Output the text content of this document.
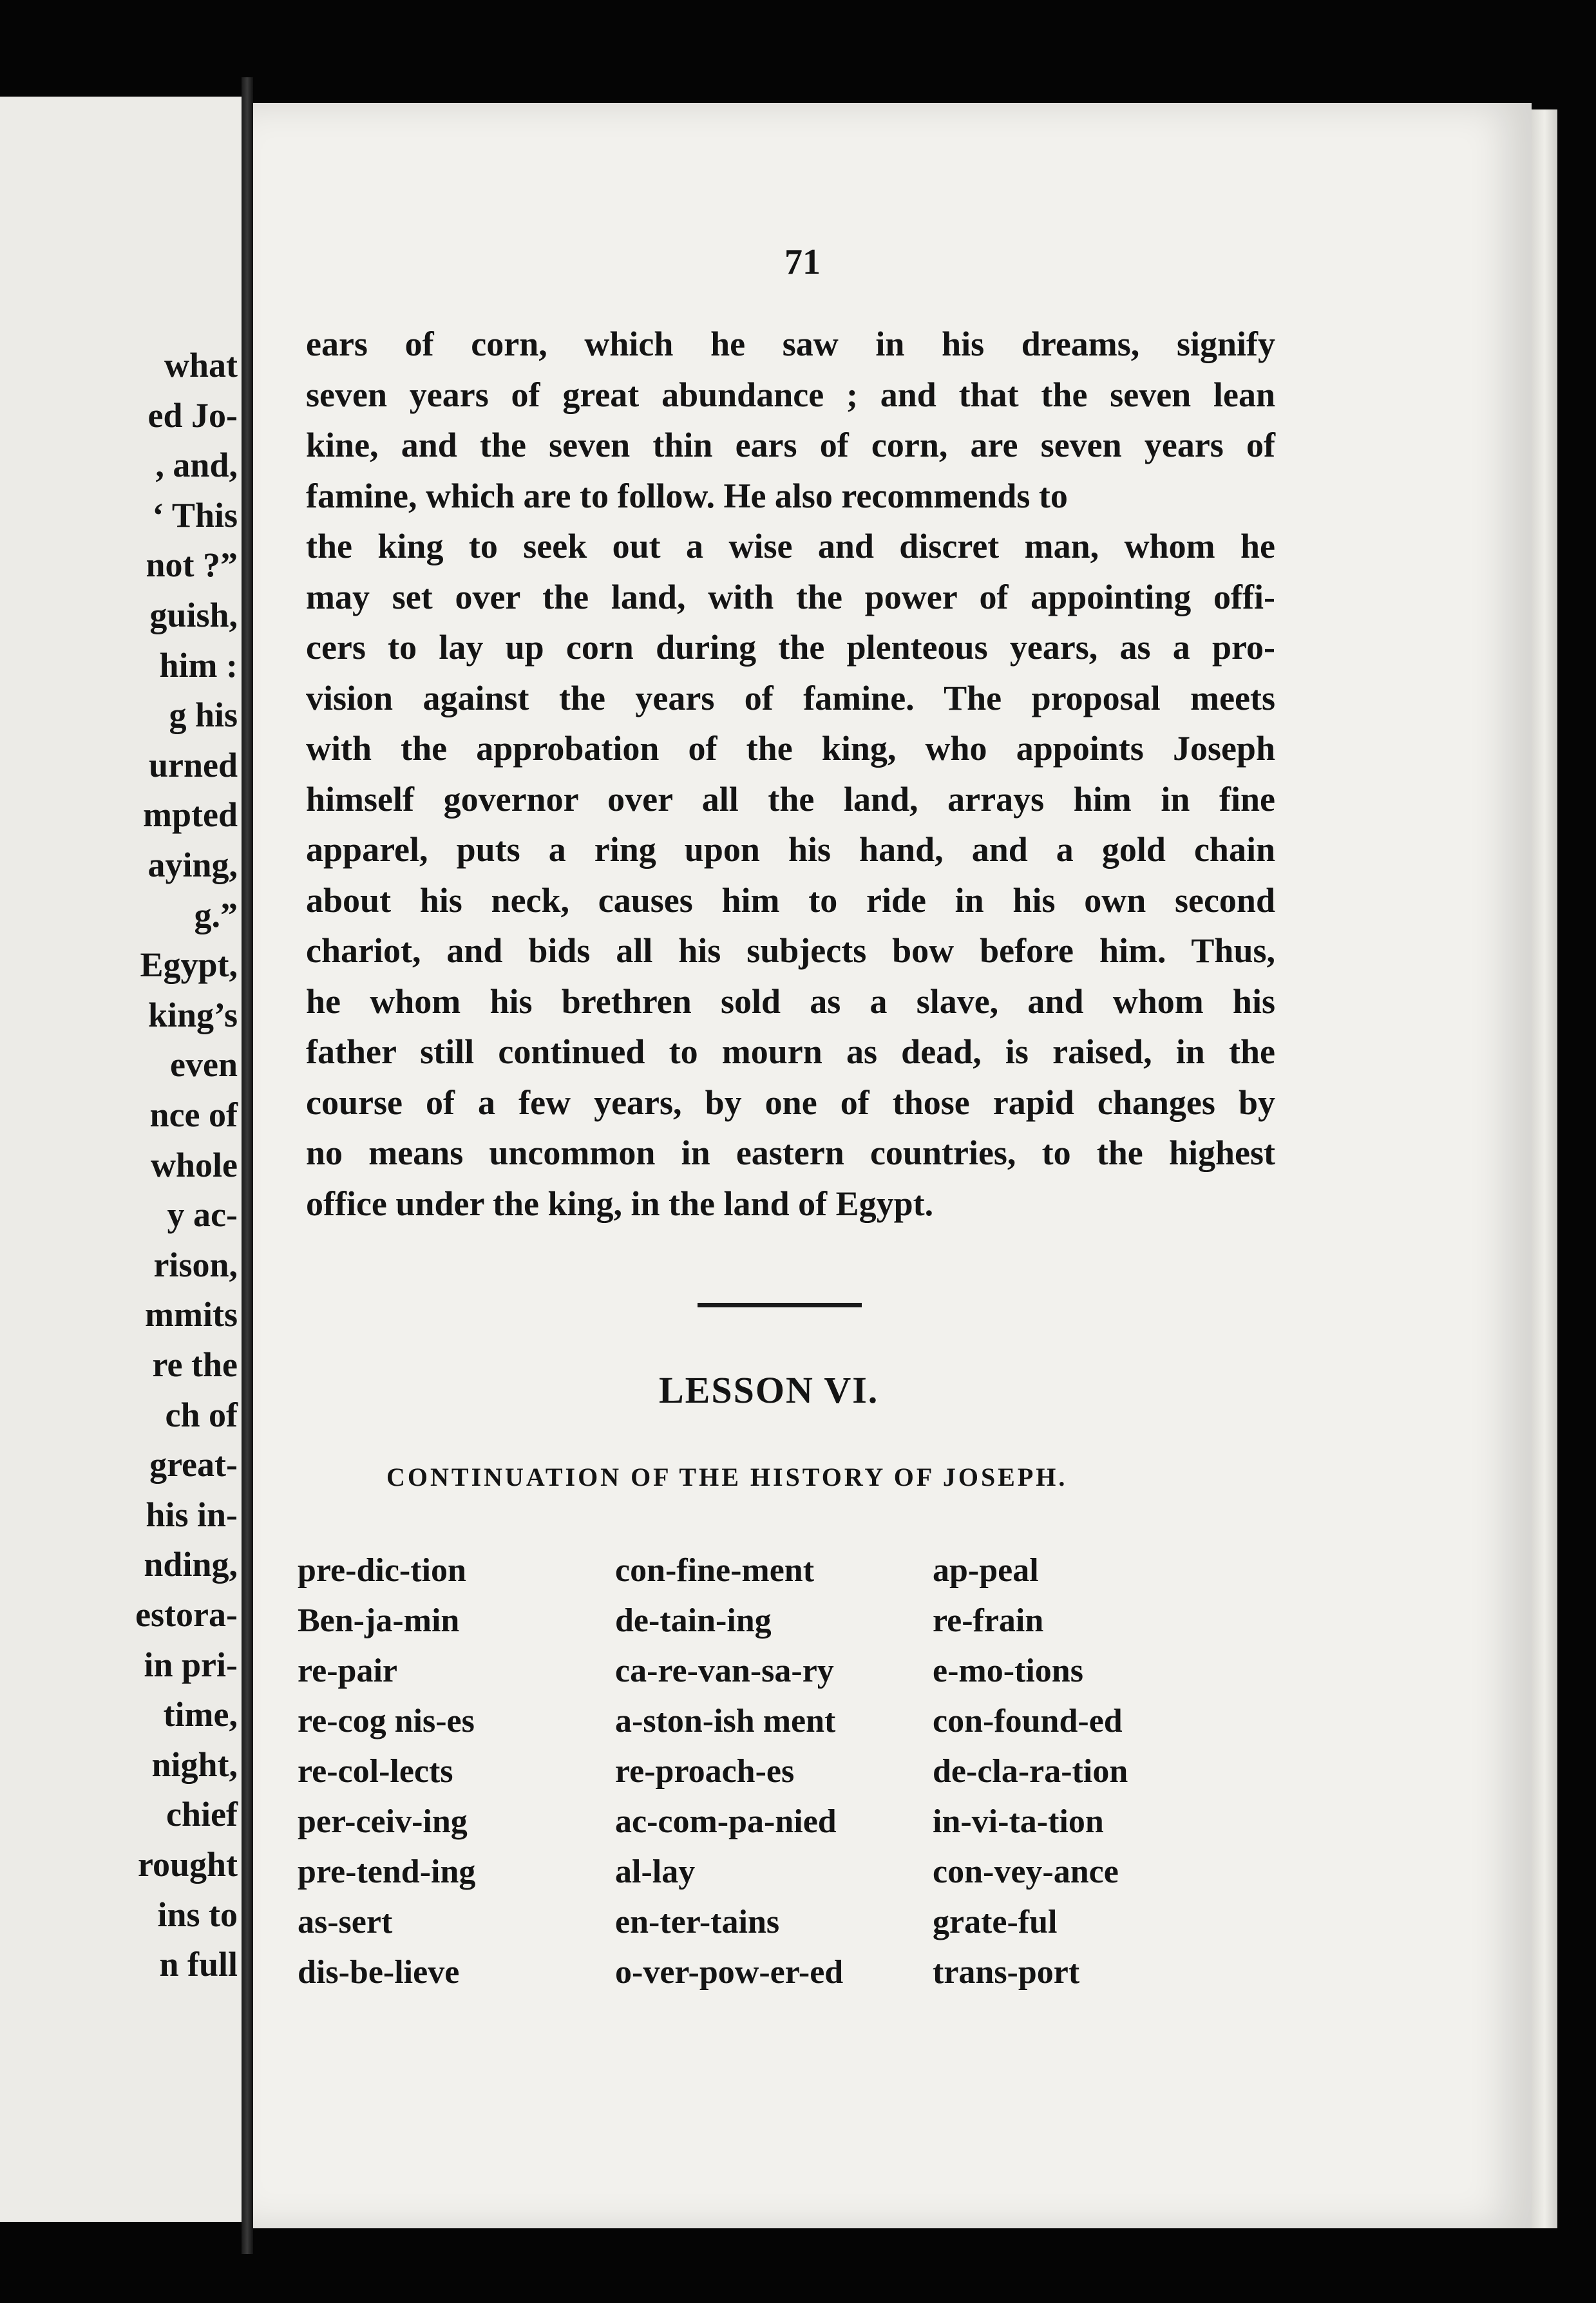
what
ed Jo-
, and,
‘ This
not ?”
guish,
him :
g his
urned
mpted
aying,
g.”
Egypt,
king’s
even
nce of
whole
y ac-
rison,
mmits
re the
ch of
great-
his in-
nding,
estora-
in pri-
time,
night,
chief
rought
ins to
n full
71
ears of corn, which he saw in his dreams, signify
seven years of great abundance ; and that the seven lean
kine, and the seven thin ears of corn, are seven years of
famine, which are to follow. He also recommends to
the king to seek out a wise and discret man, whom he
may set over the land, with the power of appointing offi-
cers to lay up corn during the plenteous years, as a pro-
vision against the years of famine. The proposal meets
with the approbation of the king, who appoints Joseph
himself governor over all the land, arrays him in fine
apparel, puts a ring upon his hand, and a gold chain
about his neck, causes him to ride in his own second
chariot, and bids all his subjects bow before him. Thus,
he whom his brethren sold as a slave, and whom his
father still continued to mourn as dead, is raised, in the
course of a few years, by one of those rapid changes by
no means uncommon in eastern countries, to the highest
office under the king, in the land of Egypt.
LESSON VI.
CONTINUATION OF THE HISTORY OF JOSEPH.
pre-dic-tion
Ben-ja-min
re-pair
re-cog nis-es
re-col-lects
per-ceiv-ing
pre-tend-ing
as-sert
dis-be-lieve
con-fine-ment
de-tain-ing
ca-re-van-sa-ry
a-ston-ish ment
re-proach-es
ac-com-pa-nied
al-lay
en-ter-tains
o-ver-pow-er-ed
ap-peal
re-frain
e-mo-tions
con-found-ed
de-cla-ra-tion
in-vi-ta-tion
con-vey-ance
grate-ful
trans-port
